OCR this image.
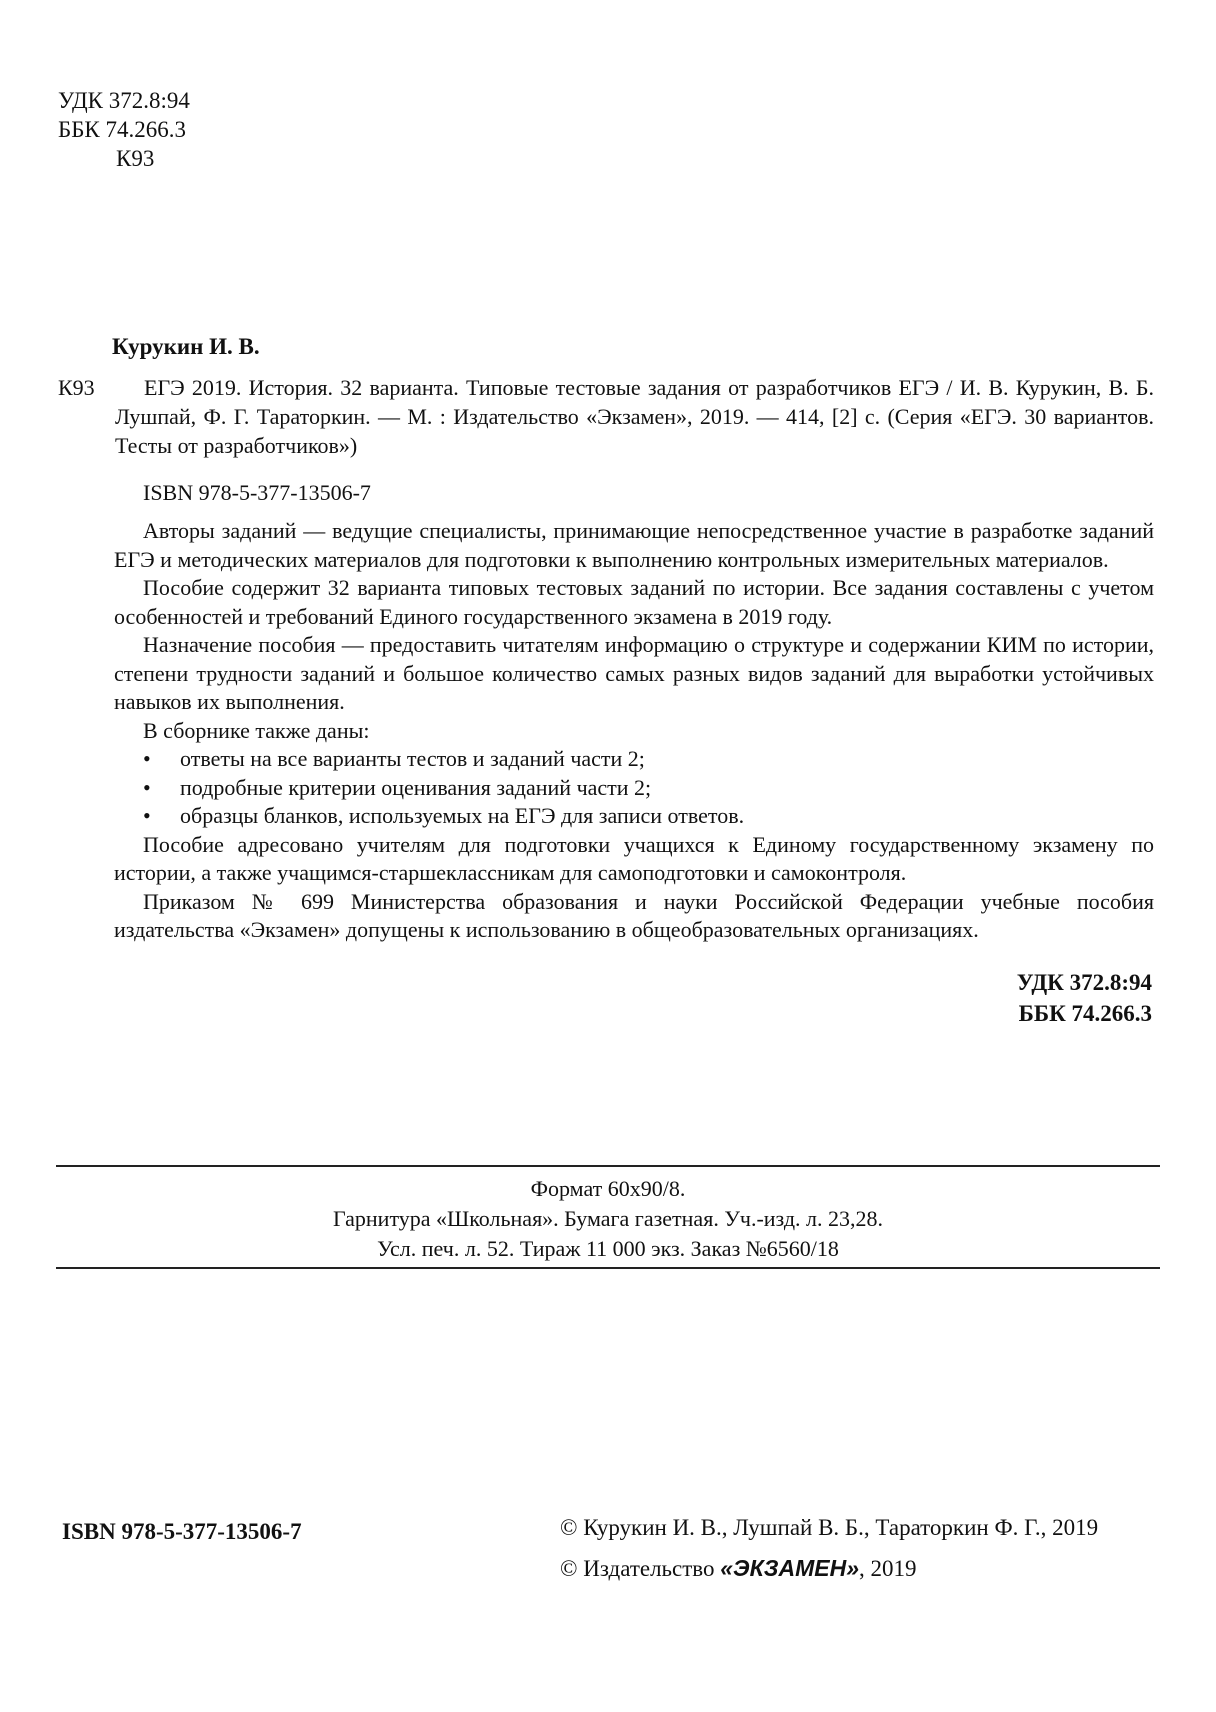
УДК 372.8:94
ББК 74.266.3
К93
Курукин И. В.
К93	ЕГЭ 2019. История. 32 варианта. Типовые тестовые задания от разработчиков ЕГЭ / И. В. Курукин, В. Б. Лушпай, Ф. Г. Тараторкин. — М. : Издательство «Экзамен», 2019. — 414, [2] с. (Серия «ЕГЭ. 30 вариантов. Тесты от разработчиков»)
ISBN 978-5-377-13506-7

Авторы заданий — ведущие специалисты, принимающие непосредственное участие в разработке заданий ЕГЭ и методических материалов для подготовки к выполнению контрольных измерительных материалов.

Пособие содержит 32 варианта типовых тестовых заданий по истории. Все задания составлены с учетом особенностей и требований Единого государственного экзамена в 2019 году.

Назначение пособия — предоставить читателям информацию о структуре и содержании КИМ по истории, степени трудности заданий и большое количество самых разных видов заданий для выработки устойчивых навыков их выполнения.

В сборнике также даны:

• ответы на все варианты тестов и заданий части 2;
• подробные критерии оценивания заданий части 2;
• образцы бланков, используемых на ЕГЭ для записи ответов.

Пособие адресовано учителям для подготовки учащихся к Единому государственному экзамену по истории, а также учащимся-старшеклассникам для самоподготовки и самоконтроля.

Приказом № 699 Министерства образования и науки Российской Федерации учебные пособия издательства «Экзамен» допущены к использованию в общеобразовательных организациях.

УДК 372.8:94
ББК 74.266.3
Формат 60х90/8.
Гарнитура «Школьная». Бумага газетная. Уч.-изд. л. 23,28.
Усл. печ. л. 52. Тираж 11 000 экз. Заказ №6560/18
ISBN 978-5-377-13506-7	© Курукин И. В., Лушпай В. Б., Тараторкин Ф. Г., 2019
© Издательство «ЭКЗАМЕН», 2019
